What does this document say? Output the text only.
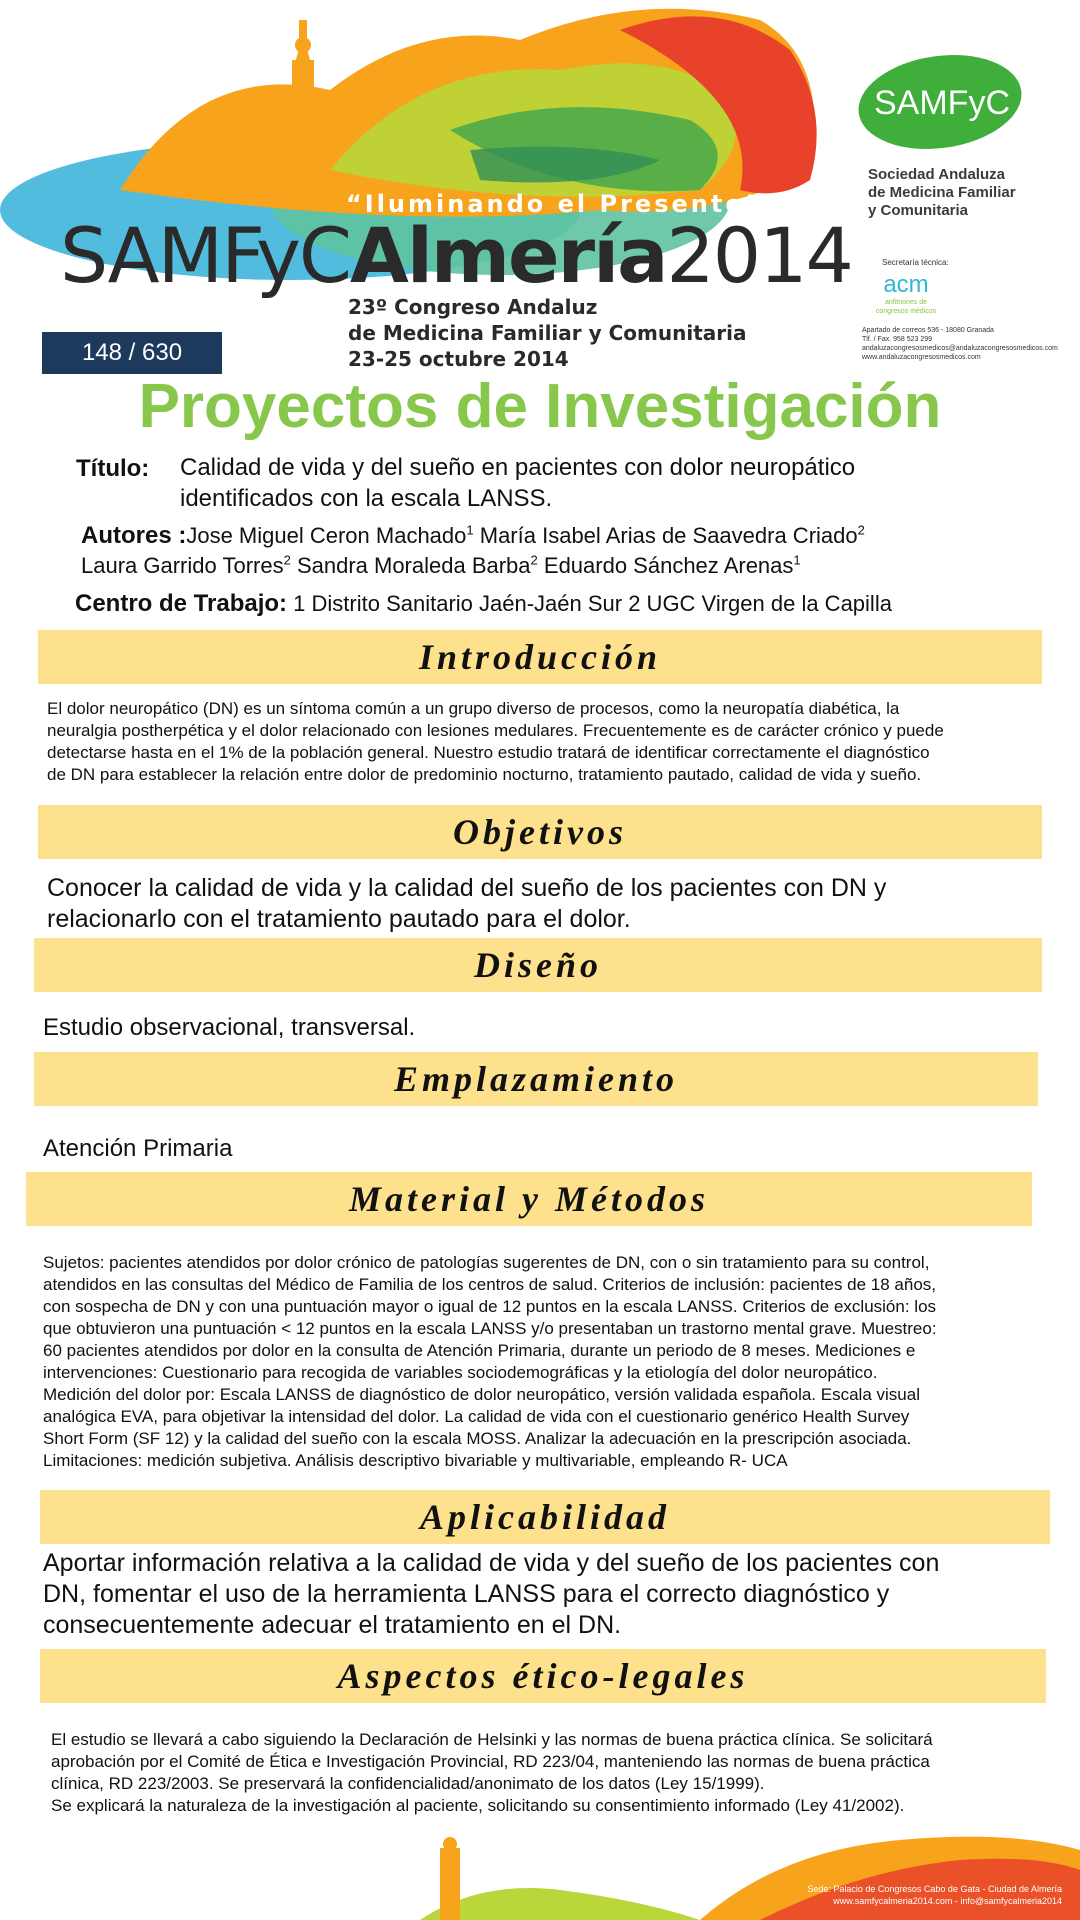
“Iluminando el Presente”
SAMFyCAlmería2014
23º Congreso Andaluz
de Medicina Familiar y Comunitaria
23-25 octubre 2014
148 / 630
SAMFyC
Sociedad Andaluza
de Medicina Familiar
y Comunitaria
Secretaría técnica:
acm
anfitriones de
congresos médicos
Apartado de correos 536 - 18080 Granada
Tlf. / Fax. 958 523 299
andaluzacongresosmedicos@andaluzacongresosmedicos.com
www.andaluzacongresosmedicos.com
Proyectos de Investigación
Título: Calidad de vida y del sueño en pacientes con dolor neuropático
identificados con la escala LANSS.
Autores :Jose Miguel Ceron Machado$^1$ María Isabel Arias de Saavedra Criado$^2$
Laura Garrido Torres$^2$ Sandra Moraleda Barba$^2$ Eduardo Sánchez Arenas$^1$
Centro de Trabajo: 1 Distrito Sanitario Jaén-Jaén Sur 2 UGC Virgen de la Capilla
Introducción
El dolor neuropático (DN) es un síntoma común a un grupo diverso de procesos, como la neuropatía diabética, la
neuralgia postherpética y el dolor relacionado con lesiones medulares. Frecuentemente es de carácter crónico y puede
detectarse hasta en el 1% de la población general. Nuestro estudio tratará de identificar correctamente el diagnóstico
de DN para establecer la relación entre dolor de predominio nocturno, tratamiento pautado, calidad de vida y sueño.
Objetivos
Conocer la calidad de vida y la calidad del sueño de los pacientes con DN y
relacionarlo con el tratamiento pautado para el dolor.
Diseño
Estudio observacional, transversal.
Emplazamiento
Atención Primaria
Material y Métodos
Sujetos: pacientes atendidos por dolor crónico de patologías sugerentes de DN, con o sin tratamiento para su control,
atendidos en las consultas del Médico de Familia de los centros de salud. Criterios de inclusión: pacientes de 18 años,
con sospecha de DN y con una puntuación mayor o igual de 12 puntos en la escala LANSS. Criterios de exclusión: los
que obtuvieron una puntuación < 12 puntos en la escala LANSS y/o presentaban un trastorno mental grave. Muestreo:
60 pacientes atendidos por dolor en la consulta de Atención Primaria, durante un periodo de 8 meses. Mediciones e
intervenciones: Cuestionario para recogida de variables sociodemográficas y la etiología del dolor neuropático.
Medición del dolor por: Escala LANSS de diagnóstico de dolor neuropático, versión validada española. Escala visual
analógica EVA, para objetivar la intensidad del dolor. La calidad de vida con el cuestionario genérico Health Survey
Short Form (SF 12) y la calidad del sueño con la escala MOSS. Analizar la adecuación en la prescripción asociada.
Limitaciones: medición subjetiva. Análisis descriptivo bivariable y multivariable, empleando R- UCA
Aplicabilidad
Aportar información relativa a la calidad de vida y del sueño de los pacientes con
DN, fomentar el uso de la herramienta LANSS para el correcto diagnóstico y
consecuentemente adecuar el tratamiento en el DN.
Aspectos ético-legales
El estudio se llevará a cabo siguiendo la Declaración de Helsinki y las normas de buena práctica clínica. Se solicitará
aprobación por el Comité de Ética e Investigación Provincial, RD 223/04, manteniendo las normas de buena práctica
clínica, RD 223/2003. Se preservará la confidencialidad/anonimato de los datos (Ley 15/1999).
Se explicará la naturaleza de la investigación al paciente, solicitando su consentimiento informado (Ley 41/2002).
Sede: Palacio de Congresos Cabo de Gata - Ciudad de Almería
www.samfycalmeria2014.com - info@samfycalmeria2014
